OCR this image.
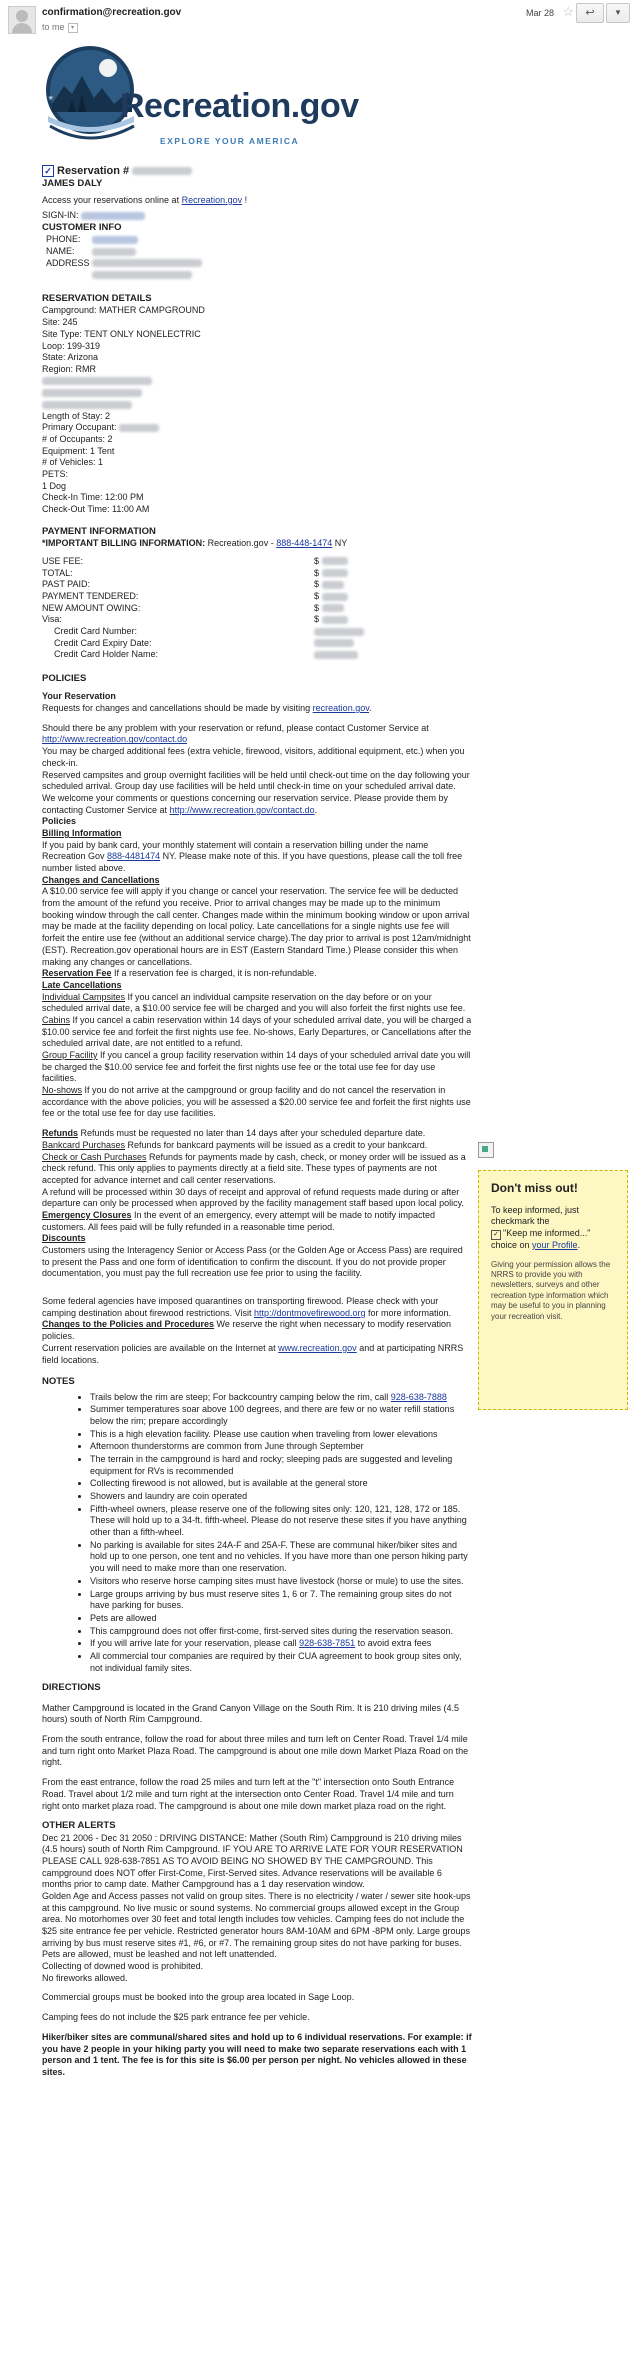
confirmation@recreation.gov
to me ▾
Mar 28 ☆	↩	▼
☀ Recreation.gov
EXPLORE YOUR AMERICA

✓ Reservation #

JAMES DALY

Access your reservations online at Recreation.gov !

SIGN-IN:

CUSTOMER INFO

PHONE:	
NAME:	
ADDRESS	

RESERVATION DETAILS

Campground: MATHER CAMPGROUND

Site: 245

Site Type: TENT ONLY NONELECTRIC

Loop: 199-319

State: Arizona

Region: RMR

Length of Stay: 2

Primary Occupant:

# of Occupants: 2

Equipment: 1 Tent

# of Vehicles: 1

PETS:

1 Dog

Check-In Time: 12:00 PM

Check-Out Time: 11:00 AM

PAYMENT INFORMATION

*IMPORTANT BILLING INFORMATION: Recreation.gov - 888-448-1474 NY

USE FEE:	$
TOTAL:	$
PAST PAID:	$
PAYMENT TENDERED:	$
NEW AMOUNT OWING:	$
Visa:	$
Credit Card Number:	
Credit Card Expiry Date:	
Credit Card Holder Name:	

POLICIES

Your Reservation

Requests for changes and cancellations should be made by visiting recreation.gov.

Should there be any problem with your reservation or refund, please contact Customer Service at http://www.recreation.gov/contact.do

You may be charged additional fees (extra vehicle, firewood, visitors, additional equipment, etc.) when you check-in.

Reserved campsites and group overnight facilities will be held until check-out time on the day following your scheduled arrival. Group day use facilities will be held until check-in time on your scheduled arrival date.

We welcome your comments or questions concerning our reservation service. Please provide them by contacting Customer Service at http://www.recreation.gov/contact.do.

Policies

Billing Information

If you paid by bank card, your monthly statement will contain a reservation billing under the name Recreation Gov 888-4481474 NY. Please make note of this. If you have questions, please call the toll free number listed above.

Changes and Cancellations

A $10.00 service fee will apply if you change or cancel your reservation. The service fee will be deducted from the amount of the refund you receive. Prior to arrival changes may be made up to the minimum booking window through the call center. Changes made within the minimum booking window or upon arrival may be made at the facility depending on local policy. Late cancellations for a single nights use fee will forfeit the entire use fee (without an additional service charge).The day prior to arrival is post 12am/midnight (EST). Recreation.gov operational hours are in EST (Eastern Standard Time.) Please consider this when making any changes or cancellations.

Reservation Fee If a reservation fee is charged, it is non-refundable.

Late Cancellations

Individual Campsites If you cancel an individual campsite reservation on the day before or on your scheduled arrival date, a $10.00 service fee will be charged and you will also forfeit the first nights use fee.

Cabins If you cancel a cabin reservation within 14 days of your scheduled arrival date, you will be charged a $10.00 service fee and forfeit the first nights use fee. No-shows, Early Departures, or Cancellations after the scheduled arrival date, are not entitled to a refund.

Group Facility If you cancel a group facility reservation within 14 days of your scheduled arrival date you will be charged the $10.00 service fee and forfeit the first nights use fee or the total use fee for day use facilities.

No-shows If you do not arrive at the campground or group facility and do not cancel the reservation in accordance with the above policies, you will be assessed a $20.00 service fee and forfeit the first nights use fee or the total use fee for day use facilities.

Refunds Refunds must be requested no later than 14 days after your scheduled departure date.

Bankcard Purchases Refunds for bankcard payments will be issued as a credit to your bankcard.

Check or Cash Purchases Refunds for payments made by cash, check, or money order will be issued as a check refund. This only applies to payments directly at a field site. These types of payments are not accepted for advance internet and call center reservations.

A refund will be processed within 30 days of receipt and approval of refund requests made during or after departure can only be processed when approved by the facility management staff based upon local policy.

Emergency Closures In the event of an emergency, every attempt will be made to notify impacted customers. All fees paid will be fully refunded in a reasonable time period.

Discounts

Customers using the Interagency Senior or Access Pass (or the Golden Age or Access Pass) are required to present the Pass and one form of identification to confirm the discount. If you do not provide proper documentation, you must pay the full recreation use fee prior to using the facility.

Some federal agencies have imposed quarantines on transporting firewood. Please check with your camping destination about firewood restrictions. Visit http://dontmovefirewood.org for more information.

Changes to the Policies and Procedures We reserve the right when necessary to modify reservation policies.

Current reservation policies are available on the Internet at www.recreation.gov and at participating NRRS field locations.

NOTES

• Trails below the rim are steep; For backcountry camping below the rim, call 928-638-7888
• Summer temperatures soar above 100 degrees, and there are few or no water refill stations below the rim; prepare accordingly
• This is a high elevation facility. Please use caution when traveling from lower elevations
• Afternoon thunderstorms are common from June through September
• The terrain in the campground is hard and rocky; sleeping pads are suggested and leveling equipment for RVs is recommended
• Collecting firewood is not allowed, but is available at the general store
• Showers and laundry are coin operated
• Fifth-wheel owners, please reserve one of the following sites only: 120, 121, 128, 172 or 185. These will hold up to a 34-ft. fifth-wheel. Please do not reserve these sites if you have anything other than a fifth-wheel.
• No parking is available for sites 24A-F and 25A-F. These are communal hiker/biker sites and hold up to one person, one tent and no vehicles. If you have more than one person hiking party you will need to make more than one reservation.
• Visitors who reserve horse camping sites must have livestock (horse or mule) to use the sites.
• Large groups arriving by bus must reserve sites 1, 6 or 7. The remaining group sites do not have parking for buses.
• Pets are allowed
• This campground does not offer first-come, first-served sites during the reservation season.
• If you will arrive late for your reservation, please call 928-638-7851 to avoid extra fees
• All commercial tour companies are required by their CUA agreement to book group sites only, not individual family sites.

DIRECTIONS

Mather Campground is located in the Grand Canyon Village on the South Rim. It is 210 driving miles (4.5 hours) south of North Rim Campground.

From the south entrance, follow the road for about three miles and turn left on Center Road. Travel 1/4 mile and turn right onto Market Plaza Road. The campground is about one mile down Market Plaza Road on the right.

From the east entrance, follow the road 25 miles and turn left at the "t" intersection onto South Entrance Road. Travel about 1/2 mile and turn right at the intersection onto Center Road. Travel 1/4 mile and turn right onto market plaza road. The campground is about one mile down market plaza road on the right.

OTHER ALERTS

Dec 21 2006 - Dec 31 2050 : DRIVING DISTANCE: Mather (South Rim) Campground is 210 driving miles (4.5 hours) south of North Rim Campground. IF YOU ARE TO ARRIVE LATE FOR YOUR RESERVATION PLEASE CALL 928-638-7851 AS TO AVOID BEING NO SHOWED BY THE CAMPGROUND. This campground does NOT offer First-Come, First-Served sites. Advance reservations will be available 6 months prior to camp date. Mather Campground has a 1 day reservation window.

Golden Age and Access passes not valid on group sites. There is no electricity / water / sewer site hook-ups at this campground. No live music or sound systems. No commercial groups allowed except in the Group area. No motorhomes over 30 feet and total length includes tow vehicles. Camping fees do not include the $25 site entrance fee per vehicle. Restricted generator hours 8AM-10AM and 6PM -8PM only. Large groups arriving by bus must reserve sites #1, #6, or #7. The remaining group sites do not have parking for buses.

Pets are allowed, must be leashed and not left unattended.

Collecting of downed wood is prohibited.

No fireworks allowed.

Commercial groups must be booked into the group area located in Sage Loop.

Camping fees do not include the $25 park entrance fee per vehicle.

Hiker/biker sites are communal/shared sites and hold up to 6 individual reservations. For example: if you have 2 people in your hiking party you will need to make two separate reservations each with 1 person and 1 tent. The fee is for this site is $6.00 per person per night. No vehicles allowed in these sites.

Don't miss out!

To keep informed, just checkmark the

✓ "Keep me informed..."

choice on your Profile.

Giving your permission allows the NRRS to provide you with newsletters, surveys and other recreation type information which may be useful to you in planning your recreation visit.
